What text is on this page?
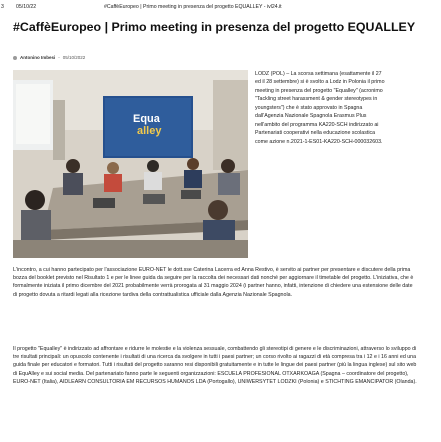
3 05/10/22	#CaffèEuropeo | Primo meeting in presenza del progetto EQUALLEY - ivl24.it
#CaffèEuropeo | Primo meeting in presenza del progetto EQUALLEY
Antonino Imbesi - 05/10/2022
Equa
alley
LODZ (POL) – La scorsa settimana (esattamente il 27 ed il 28 settembre) si è svolto a Lodz in Polonia il primo meeting in presenza del progetto "Equalley" (acronimo "Tackling street harassment & gender stereotypes in youngsters") che è stato approvato in Spagna dall'Agenzia Nazionale Spagnola Erasmus Plus nell'ambito del programma KA220-SCH indirizzato ai Partenariati cooperativi nella educazione scolastica come azione n.2021-1-ES01-KA220-SCH-000032603.
L'incontro, a cui hanno partecipato per l'associazione EURO-NET le dott.sse Caterina Lacerra ed Anna Restivo, è servito ai partner per presentare e discutere della prima bozza del booklet previsto nel Risultato 1 e per le linee guida da seguire per la raccolta dei necessari dati nonché per aggiornare il timetable del progetto. L'iniziativa, che è formalmente iniziata il primo dicembre del 2021 probabilmente verrà prorogata al 31 maggio 2024 (i partner hanno, infatti, intenzione di chiedere una estensione delle date di progetto dovuta a ritardi legati alla ricezione tardiva della contrattualistica ufficiale dalla Agenzia Nazionale Spagnola.
Il progetto "Equalley" è indirizzato ad affrontare e ridurre le molestie e la violenza sessuale, combattendo gli stereotipi di genere e le discriminazioni, attraverso lo sviluppo di tre risultati principali: un opuscolo contenente i risultati di una ricerca da svolgere in tutti i paesi partner; un corso rivolto ai ragazzi di età compresa tra i 12 e i 16 anni ed una guida finale per educatori e formatori. Tutti i risultati del progetto saranno resi disponibili gratuitamente e in tutte le lingue dei paesi partner (più la lingua inglese) sul sito web di EquAlley e sui social media. Del partenariato fanno parte le seguenti organizzazioni: ESCUELA PROFESIONAL OTXARKOAGA (Spagna – coordinatore del progetto), EURO-NET (Italia), AIDLEARN CONSULTORIA EM RECURSOS HUMANOS LDA (Portogallo), UNIWERSYTET LODZKI (Polonia) e STICHTING EMANCIPATOR (Olanda).
